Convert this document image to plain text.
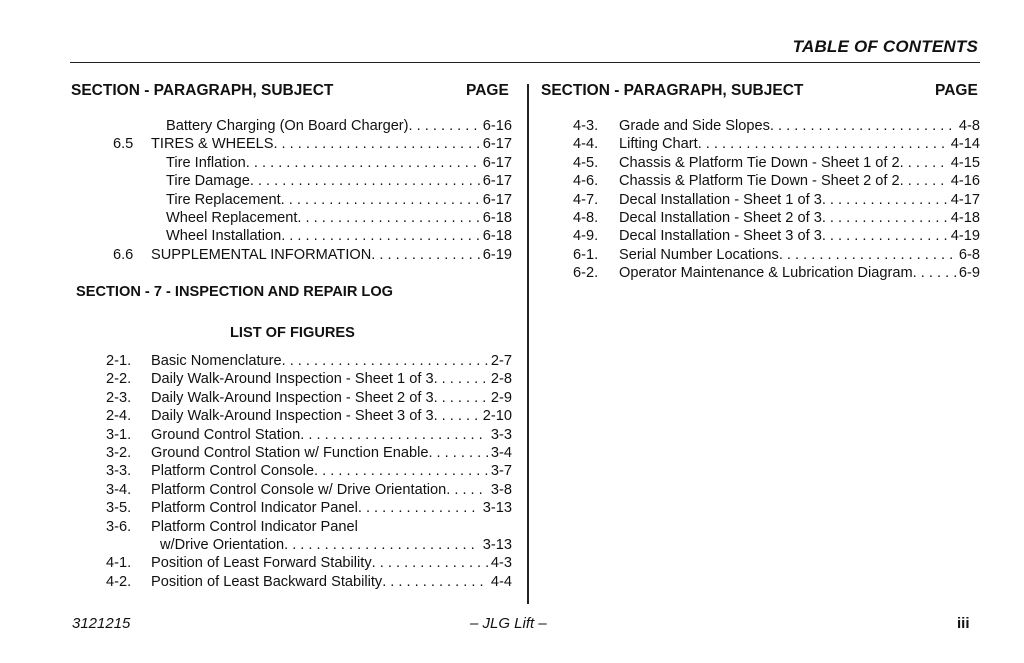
TABLE OF CONTENTS
SECTION - PARAGRAPH, SUBJECT	PAGE SECTION - PARAGRAPH, SUBJECT	PAGE
Battery Charging (On Board Charger) . . .	6-16
6.5 TIRES & WHEELS . . .	6-17
Tire Inflation . . .	6-17
Tire Damage . . .	6-17
Tire Replacement . . .	6-17
Wheel Replacement . . .	6-18
Wheel Installation . . .	6-18
6.6 SUPPLEMENTAL INFORMATION . . .	6-19
SECTION - 7 - INSPECTION AND REPAIR LOG
LIST OF FIGURES
2-1. Basic Nomenclature . . .	2-7
2-2. Daily Walk-Around Inspection - Sheet 1 of 3 . . .	2-8
2-3. Daily Walk-Around Inspection - Sheet 2 of 3 . . .	2-9
2-4. Daily Walk-Around Inspection - Sheet 3 of 3 . . .	2-10
3-1. Ground Control Station . . .	3-3
3-2. Ground Control Station w/ Function Enable . . .	3-4
3-3. Platform Control Console . . .	3-7
3-4. Platform Control Console w/ Drive Orientation . . .	3-8
3-5. Platform Control Indicator Panel . . .	3-13
3-6. Platform Control Indicator Panel
w/Drive Orientation . . .	3-13
4-1. Position of Least Forward Stability . . .	4-3
4-2. Position of Least Backward Stability . . .	4-4
4-3. Grade and Side Slopes . . .	4-8
4-4. Lifting Chart . . .	4-14
4-5. Chassis & Platform Tie Down - Sheet 1 of 2 . . .	4-15
4-6. Chassis & Platform Tie Down - Sheet 2 of 2 . . .	4-16
4-7. Decal Installation - Sheet 1 of 3 . . .	4-17
4-8. Decal Installation - Sheet 2 of 3 . . .	4-18
4-9. Decal Installation - Sheet 3 of 3 . . .	4-19
6-1. Serial Number Locations . . .	6-8
6-2. Operator Maintenance & Lubrication Diagram . . .	6-9
3121215	– JLG Lift –	iii
